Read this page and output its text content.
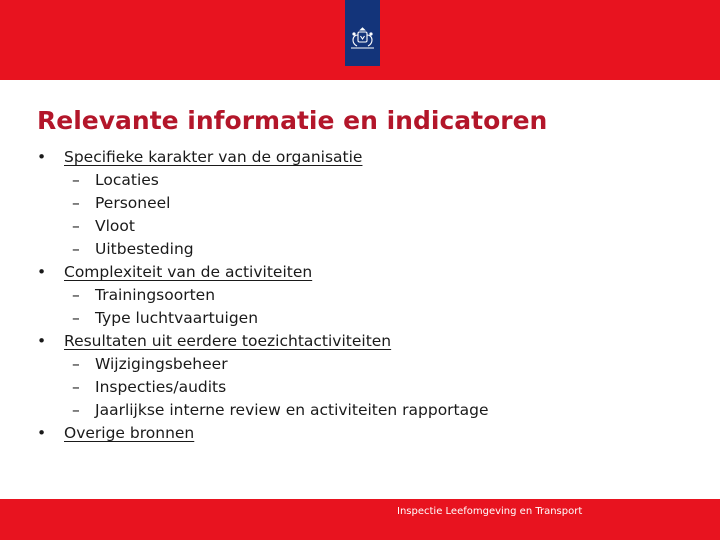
Relevante informatie en indicatoren
• Specifieke karakter van de organisatie
– Locaties
– Personeel
– Vloot
– Uitbesteding
• Complexiteit van de activiteiten
– Trainingsoorten
– Type luchtvaartuigen
• Resultaten uit eerdere toezichtactiviteiten
– Wijzigingsbeheer
– Inspecties/audits
– Jaarlijkse interne review en activiteiten rapportage
• Overige bronnen
Inspectie Leefomgeving en Transport
